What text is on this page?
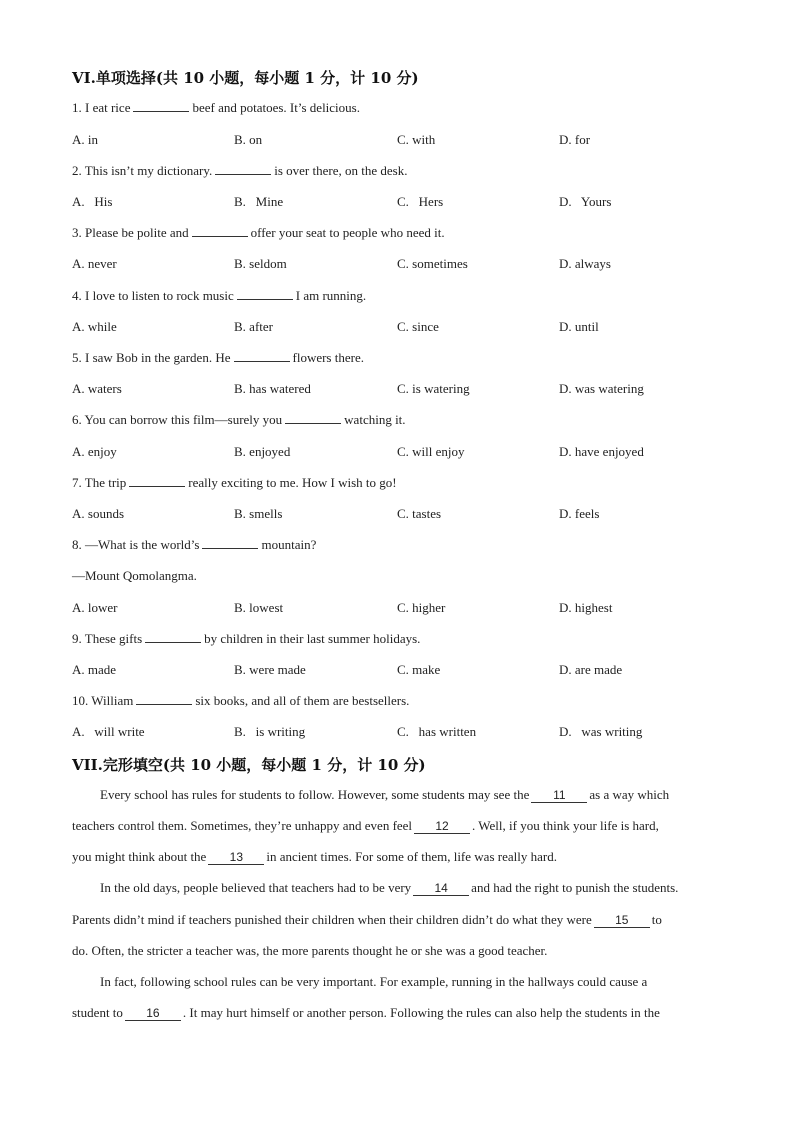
VI.单项选择(共 10 小题，每小题 1 分，计 10 分)
1. I eat rice	beef and potatoes. It’s delicious.
A. in	B. on	C. with	D. for
2. This isn’t my dictionary.	is over there, on the desk.
A.   His	B.   Mine	C.   Hers	D.   Yours
3. Please be polite and	offer your seat to people who need it.
A. never	B. seldom	C. sometimes	D. always
4. I love to listen to rock music	I am running.
A. while	B. after	C. since	D. until
5. I saw Bob in the garden. He	flowers there.
A. waters	B. has watered	C. is watering	D. was watering
6. You can borrow this film—surely you	watching it.
A. enjoy	B. enjoyed	C. will enjoy	D. have enjoyed
7. The trip	really exciting to me. How I wish to go!
A. sounds	B. smells	C. tastes	D. feels
8. —What is the world’s	mountain?
—Mount Qomolangma.
A. lower	B. lowest	C. higher	D. highest
9. These gifts	by children in their last summer holidays.
A. made	B. were made	C. make	D. are made
10. William	six books, and all of them are bestsellers.
A.   will write	B.   is writing	C.   has written	D.   was writing
VII.完形填空(共 10 小题，每小题 1 分，计 10 分)
Every school has rules for students to follow. However, some students may see the 11 as a way which
teachers control them. Sometimes, they’re unhappy and even feel 12 . Well, if you think your life is hard,
you might think about the 13 in ancient times. For some of them, life was really hard.
In the old days, people believed that teachers had to be very 14 and had the right to punish the students.
Parents didn’t mind if teachers punished their children when their children didn’t do what they were 15 to
do. Often, the stricter a teacher was, the more parents thought he or she was a good teacher.
In fact, following school rules can be very important. For example, running in the hallways could cause a
student to 16 . It may hurt himself or another person. Following the rules can also help the students in the
